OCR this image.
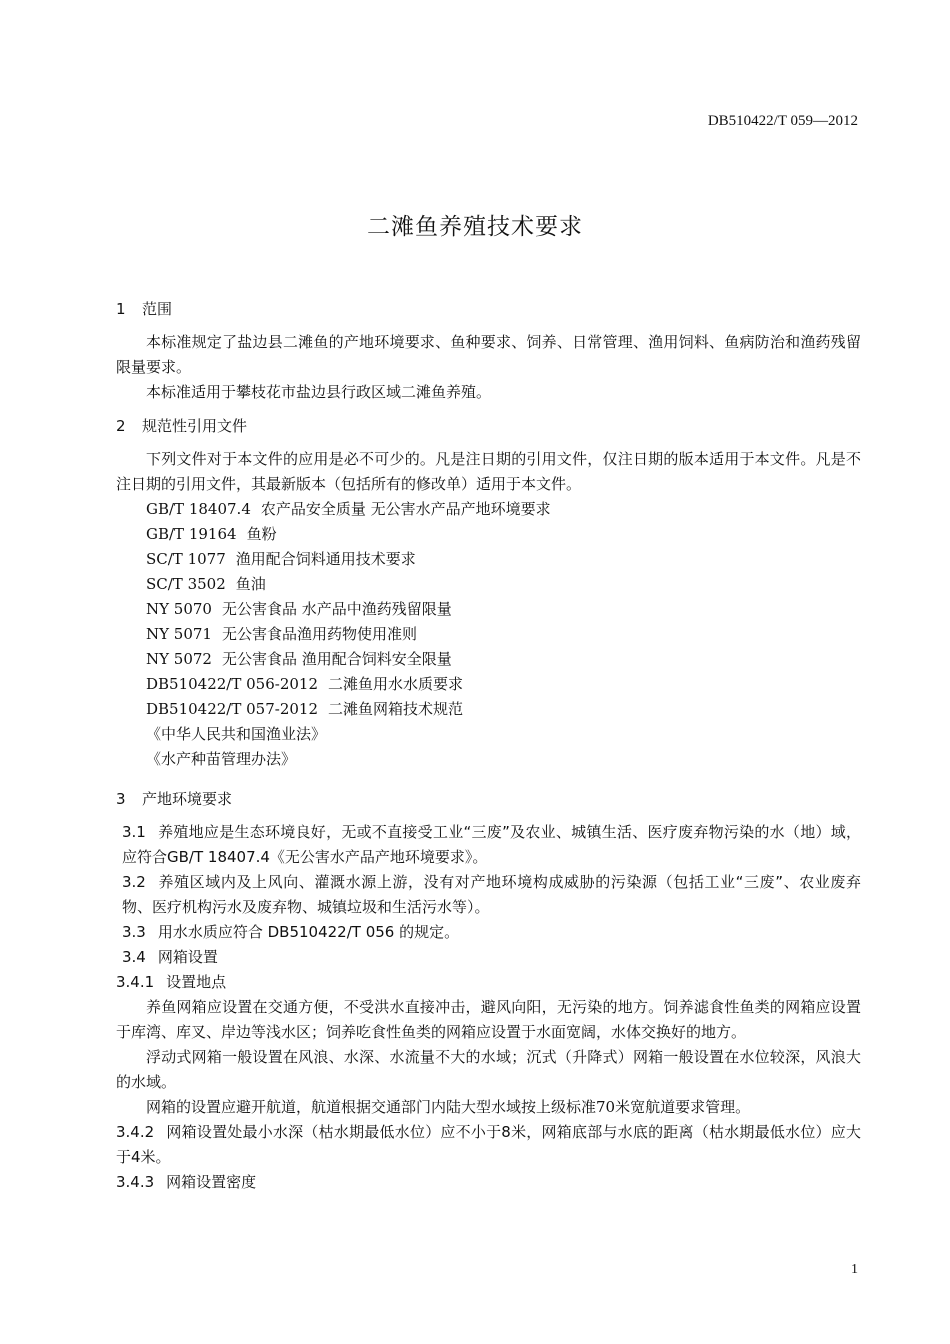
DB510422/T 059—2012
二滩鱼养殖技术要求
1 范围
本标准规定了盐边县二滩鱼的产地环境要求、鱼种要求、饲养、日常管理、渔用饲料、鱼病防治和渔药残留限量要求。
本标准适用于攀枝花市盐边县行政区域二滩鱼养殖。
2 规范性引用文件
下列文件对于本文件的应用是必不可少的。凡是注日期的引用文件，仅注日期的版本适用于本文件。凡是不注日期的引用文件，其最新版本（包括所有的修改单）适用于本文件。
GB/T 18407.4 农产品安全质量 无公害水产品产地环境要求
GB/T 19164 鱼粉
SC/T 1077 渔用配合饲料通用技术要求
SC/T 3502 鱼油
NY 5070 无公害食品 水产品中渔药残留限量
NY 5071 无公害食品渔用药物使用准则
NY 5072 无公害食品 渔用配合饲料安全限量
DB510422/T 056-2012 二滩鱼用水水质要求
DB510422/T 057-2012 二滩鱼网箱技术规范
《中华人民共和国渔业法》
《水产种苗管理办法》
3 产地环境要求
3.1 养殖地应是生态环境良好，无或不直接受工业“三废”及农业、城镇生活、医疗废弃物污染的水（地）域，应符合GB/T 18407.4《无公害水产品产地环境要求》。
3.2 养殖区域内及上风向、灌溉水源上游，没有对产地环境构成威胁的污染源（包括工业“三废”、农业废弃物、医疗机构污水及废弃物、城镇垃圾和生活污水等）。
3.3 用水水质应符合 DB510422/T 056 的规定。
3.4 网箱设置
3.4.1 设置地点
养鱼网箱应设置在交通方便，不受洪水直接冲击，避风向阳，无污染的地方。饲养滤食性鱼类的网箱应设置于库湾、库叉、岸边等浅水区；饲养吃食性鱼类的网箱应设置于水面宽阔，水体交换好的地方。
浮动式网箱一般设置在风浪、水深、水流量不大的水域；沉式（升降式）网箱一般设置在水位较深，风浪大的水域。
网箱的设置应避开航道，航道根据交通部门内陆大型水域按上级标准70米宽航道要求管理。
3.4.2 网箱设置处最小水深（枯水期最低水位）应不小于8米，网箱底部与水底的距离（枯水期最低水位）应大于4米。
3.4.3 网箱设置密度
1
